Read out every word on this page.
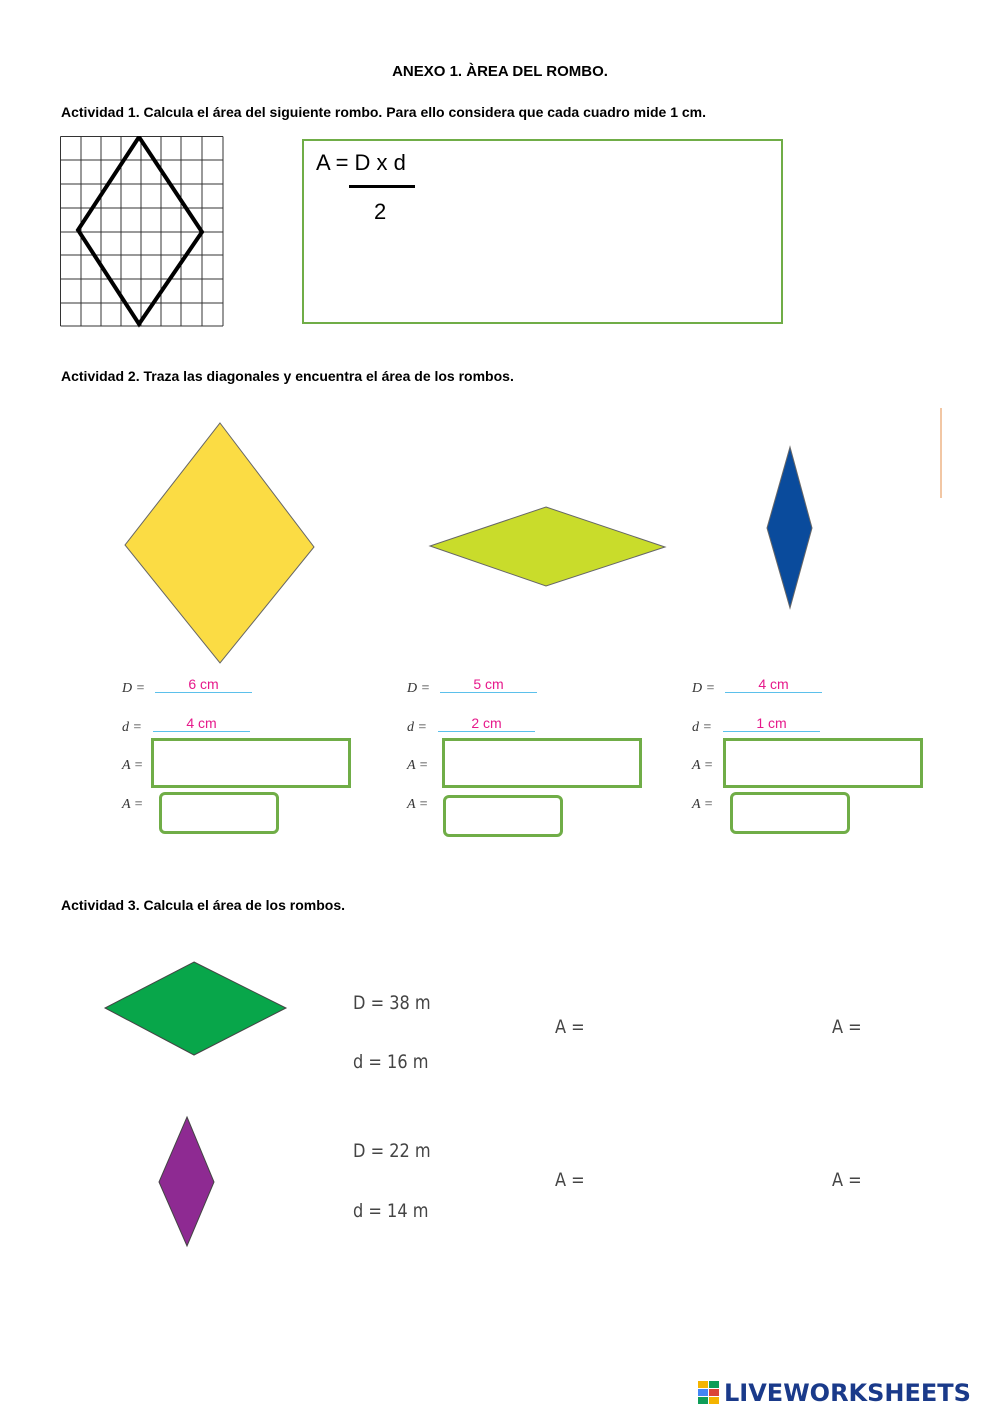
ANEXO 1. ÀREA DEL ROMBO.
Actividad 1. Calcula el área del siguiente rombo. Para ello considera que cada cuadro mide 1 cm.
A = D x d
2
Actividad 2. Traza las diagonales y encuentra el área de los rombos.
D =	6 cm
d =	4 cm
A =
A =
D =	5 cm
d =	2 cm
A =
A =
D =	4 cm
d =	1 cm
A =
A =
Actividad 3. Calcula el área de los rombos.
D = 38 m
d = 16 m
A =	A =
D = 22 m
d = 14 m
A =	A =
LIVEWORKSHEETS
